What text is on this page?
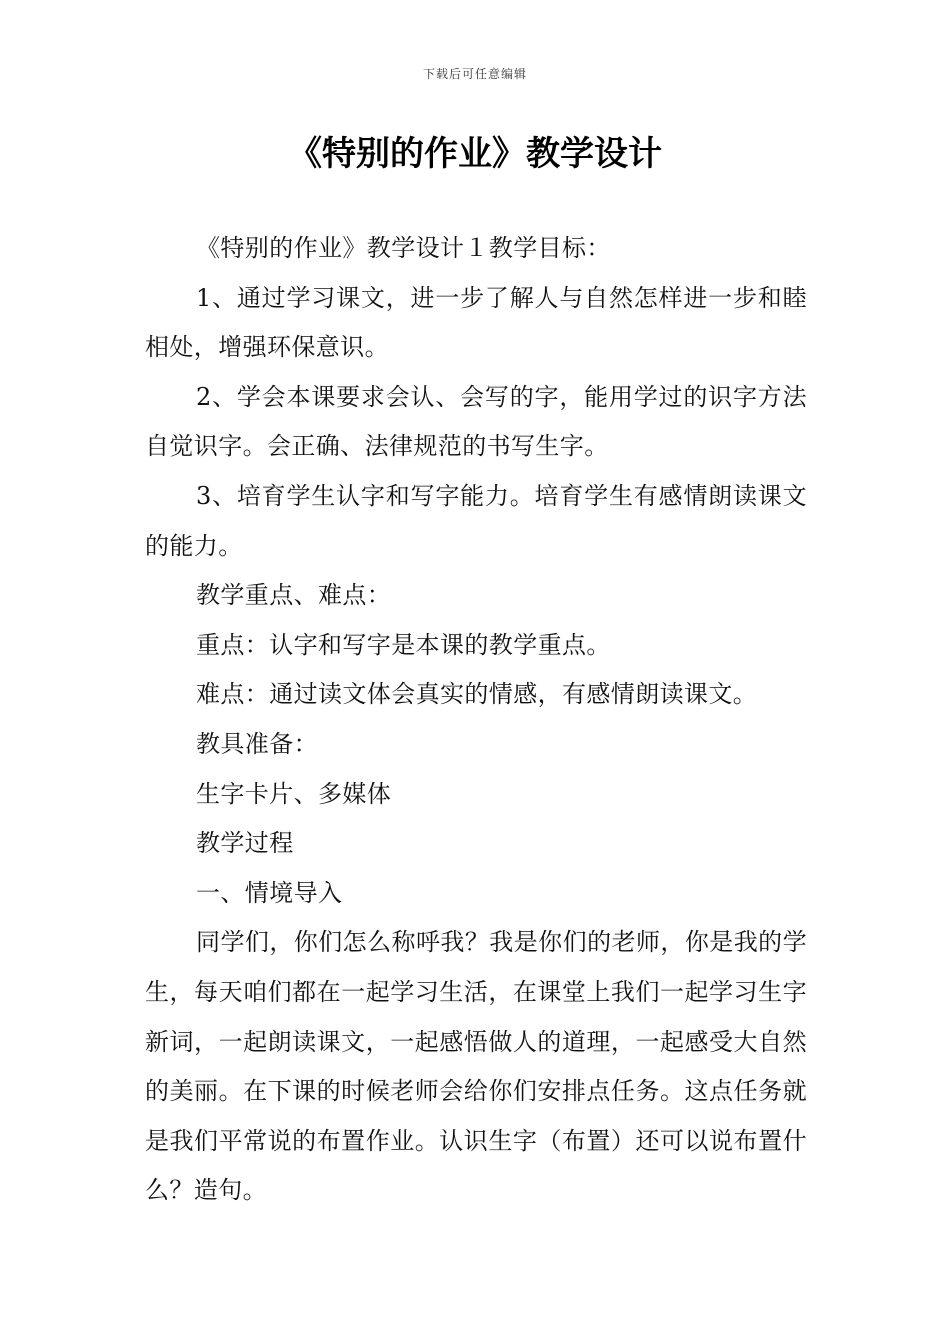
下载后可任意编辑
《特别的作业》教学设计

《特别的作业》教学设计１教学目标：

1、通过学习课文，进一步了解人与自然怎样进一步和睦相处，增强环保意识。

2、学会本课要求会认、会写的字，能用学过的识字方法自觉识字。会正确、法律规范的书写生字。

3、培育学生认字和写字能力。培育学生有感情朗读课文的能力。

教学重点、难点：

重点：认字和写字是本课的教学重点。

难点：通过读文体会真实的情感，有感情朗读课文。

教具准备：

生字卡片、多媒体

教学过程

一、情境导入

同学们，你们怎么称呼我？我是你们的老师，你是我的学生，每天咱们都在一起学习生活，在课堂上我们一起学习生字新词，一起朗读课文，一起感悟做人的道理，一起感受大自然的美丽。在下课的时候老师会给你们安排点任务。这点任务就是我们平常说的布置作业。认识生字（布置）还可以说布置什么？造句。
